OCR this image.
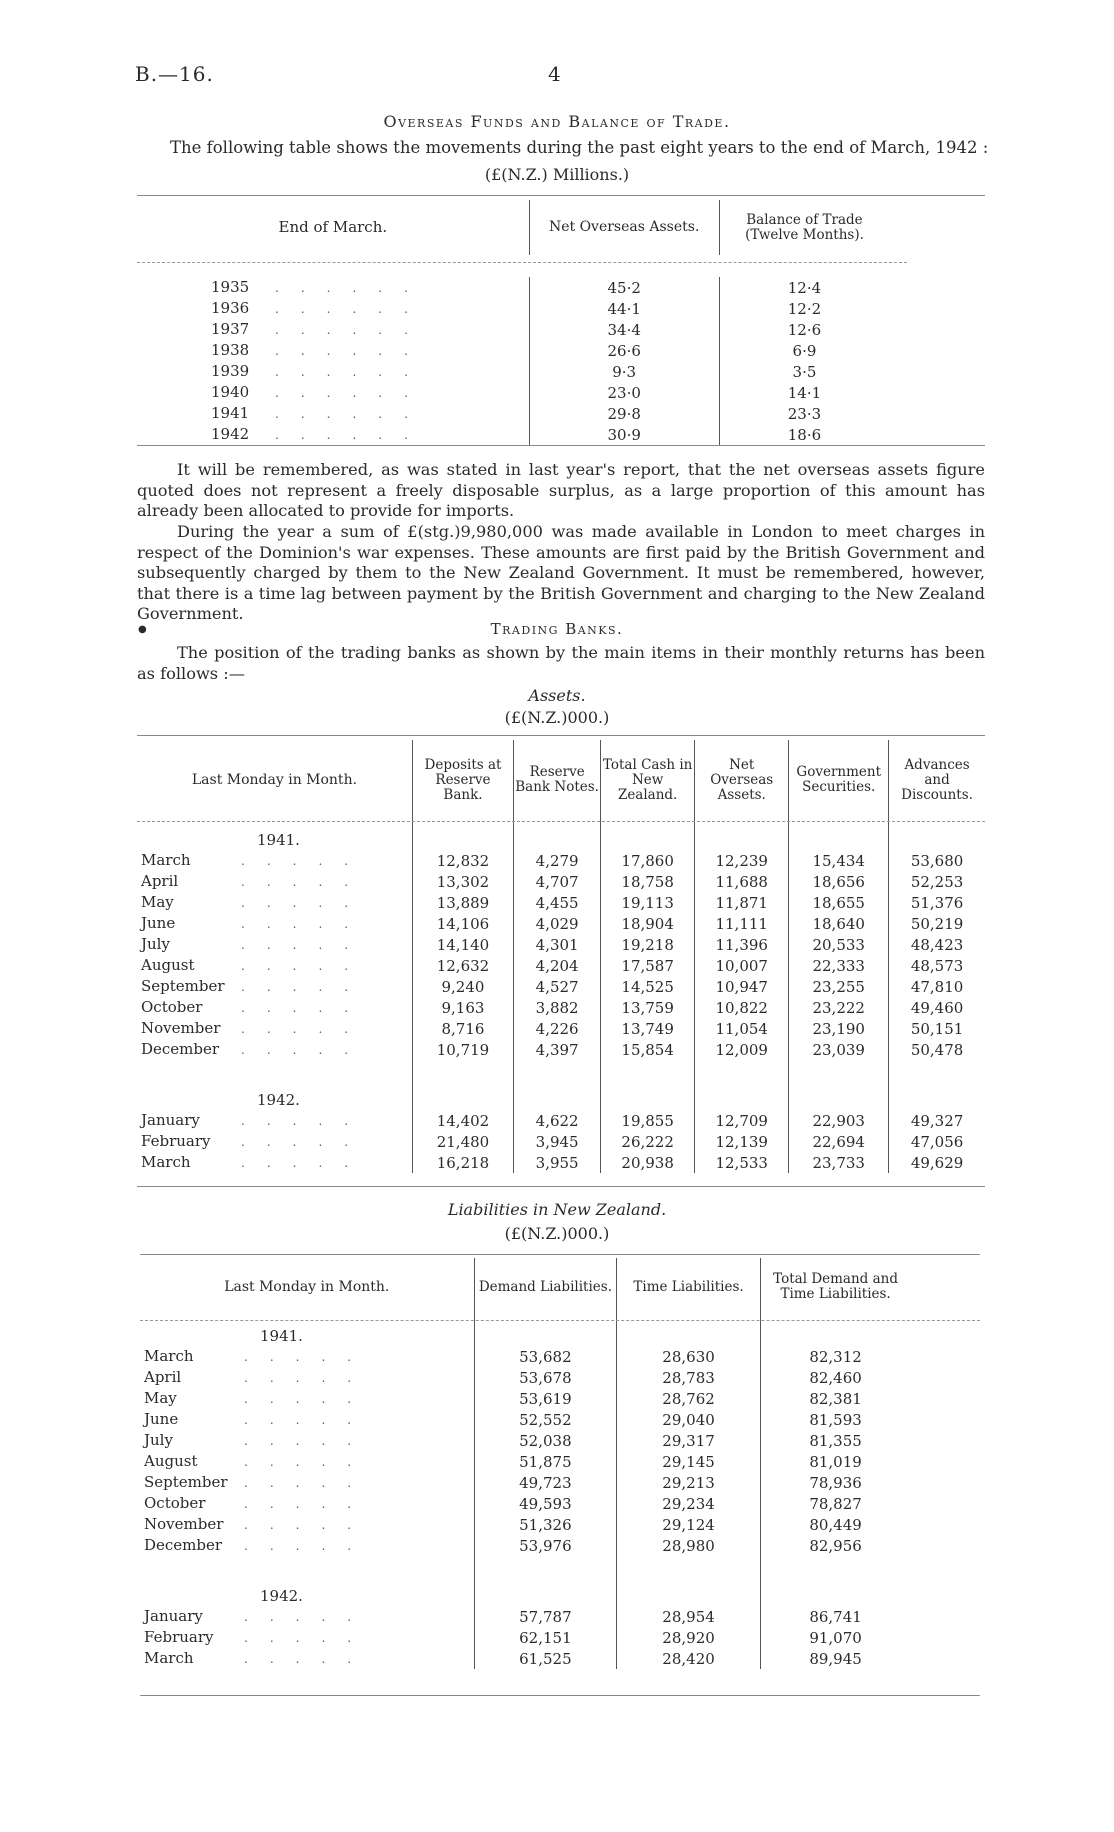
B.—16.	4
Overseas Funds and Balance of Trade.
The following table shows the movements during the past eight years to the end of March, 1942 :
(£(N.Z.) Millions.)
End of March.	Net Overseas Assets.	Balance of Trade (Twelve Months).	

1935 ......	45·2	12·4	
1936 ......	44·1	12·2	
1937 ......	34·4	12·6	
1938 ......	26·6	6·9	
1939 ......	9·3	3·5	
1940 ......	23·0	14·1	
1941 ......	29·8	23·3	
1942 ......	30·9	18·6	
It will be remembered, as was stated in last year's report, that the net overseas assets figure quoted does not represent a freely disposable surplus, as a large proportion of this amount has already been allocated to provide for imports.
During the year a sum of £(stg.)9,980,000 was made available in London to meet charges in respect of the Dominion's war expenses. These amounts are first paid by the British Government and subsequently charged by them to the New Zealand Government. It must be remembered, however, that there is a time lag between payment by the British Government and charging to the New Zealand Government.
●	Trading Banks.
The position of the trading banks as shown by the main items in their monthly returns has been as follows :—
Assets.
(£(N.Z.)000.)
Last Monday in Month.	Deposits at Reserve Bank.	Reserve Bank Notes.	Total Cash in New Zealand.	Net Overseas Assets.	Government Securities.	Advances and Discounts.
1941.						
March .....	12,832	4,279	17,860	12,239	15,434	53,680
April .....	13,302	4,707	18,758	11,688	18,656	52,253
May .....	13,889	4,455	19,113	11,871	18,655	51,376
June .....	14,106	4,029	18,904	11,111	18,640	50,219
July .....	14,140	4,301	19,218	11,396	20,533	48,423
August .....	12,632	4,204	17,587	10,007	22,333	48,573
September .....	9,240	4,527	14,525	10,947	23,255	47,810
October .....	9,163	3,882	13,759	10,822	23,222	49,460
November .....	8,716	4,226	13,749	11,054	23,190	50,151
December .....	10,719	4,397	15,854	12,009	23,039	50,478

1942.						
January .....	14,402	4,622	19,855	12,709	22,903	49,327
February .....	21,480	3,945	26,222	12,139	22,694	47,056
March .....	16,218	3,955	20,938	12,533	23,733	49,629
Liabilities in New Zealand.
(£(N.Z.)000.)
Last Monday in Month.	Demand Liabilities.	Time Liabilities.	Total Demand and Time Liabilities.	
1941.				
March .....	53,682	28,630	82,312	
April .....	53,678	28,783	82,460	
May .....	53,619	28,762	82,381	
June .....	52,552	29,040	81,593	
July .....	52,038	29,317	81,355	
August .....	51,875	29,145	81,019	
September .....	49,723	29,213	78,936	
October .....	49,593	29,234	78,827	
November .....	51,326	29,124	80,449	
December .....	53,976	28,980	82,956	

1942.				
January .....	57,787	28,954	86,741	
February .....	62,151	28,920	91,070	
March .....	61,525	28,420	89,945	
